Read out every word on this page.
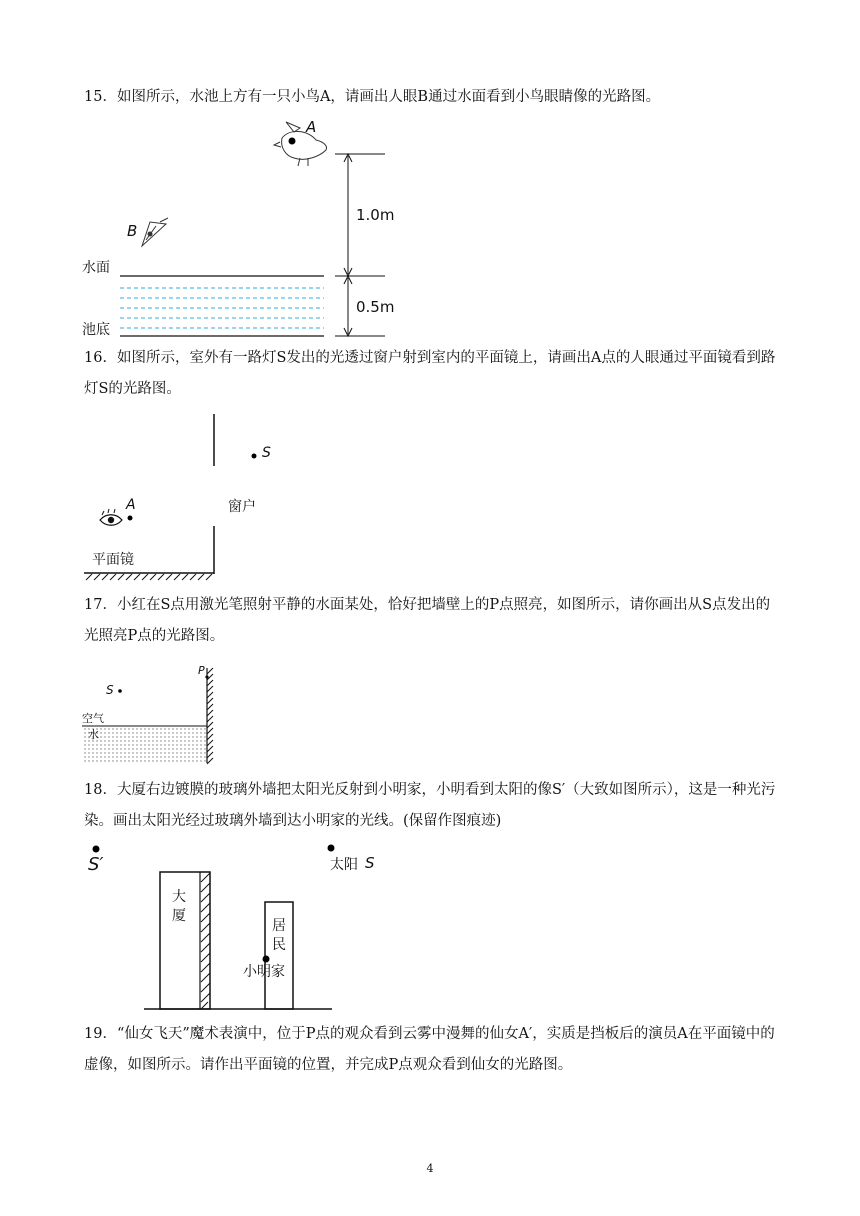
15．如图所示，水池上方有一只小鸟A，请画出人眼B通过水面看到小鸟眼睛像的光路图。
A
B
水面
池底
1.0m
0.5m
16．如图所示，室外有一路灯S发出的光透过窗户射到室内的平面镜上，请画出A点的人眼通过平面镜看到路灯S的光路图。
S
窗户
A
平面镜
17．小红在S点用激光笔照射平静的水面某处，恰好把墙壁上的P点照亮，如图所示，请你画出从S点发出的光照亮P点的光路图。
S
P
空气
水
18．大厦右边镀膜的玻璃外墙把太阳光反射到小明家，小明看到太阳的像S′（大致如图所示），这是一种光污染。画出太阳光经过玻璃外墙到达小明家的光线。(保留作图痕迹)
S′	太阳 S
大
厦
居
民
小明家
19．“仙女飞天”魔术表演中，位于P点的观众看到云雾中漫舞的仙女A′，实质是挡板后的演员A在平面镜中的虚像，如图所示。请作出平面镜的位置，并完成P点观众看到仙女的光路图。
4
